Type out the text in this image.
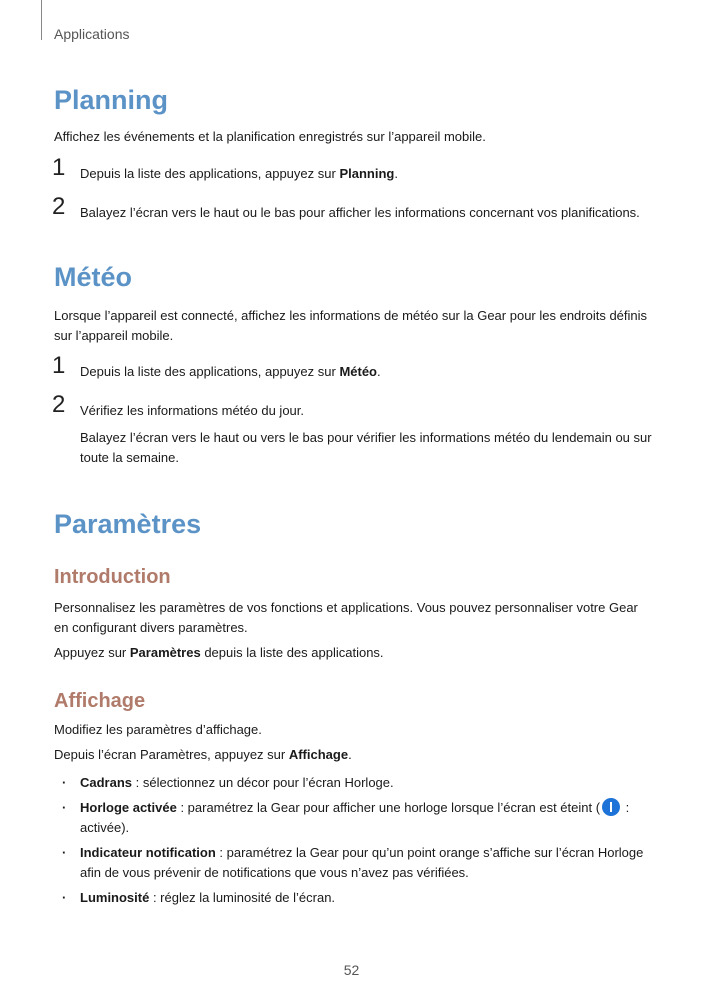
Applications
Planning

Affichez les événements et la planification enregistrés sur l’appareil mobile.

1 Depuis la liste des applications, appuyez sur Planning.
2 Balayez l’écran vers le haut ou le bas pour afficher les informations concernant vos planifications.
Météo

Lorsque l’appareil est connecté, affichez les informations de météo sur la Gear pour les endroits définis sur l’appareil mobile.

1 Depuis la liste des applications, appuyez sur Météo.
2 Vérifiez les informations météo du jour.
Balayez l’écran vers le haut ou vers le bas pour vérifier les informations météo du lendemain ou sur toute la semaine.
Paramètres
Introduction

Personnalisez les paramètres de vos fonctions et applications. Vous pouvez personnaliser votre Gear en configurant divers paramètres.

Appuyez sur Paramètres depuis la liste des applications.

Affichage

Modifiez les paramètres d’affichage.

Depuis l’écran Paramètres, appuyez sur Affichage.

· Cadrans : sélectionnez un décor pour l’écran Horloge.
· Horloge activée : paramétrez la Gear pour afficher une horloge lorsque l’écran est éteint ( : activée).
· Indicateur notification : paramétrez la Gear pour qu’un point orange s’affiche sur l’écran Horloge afin de vous prévenir de notifications que vous n’avez pas vérifiées.
· Luminosité : réglez la luminosité de l’écran.
52
